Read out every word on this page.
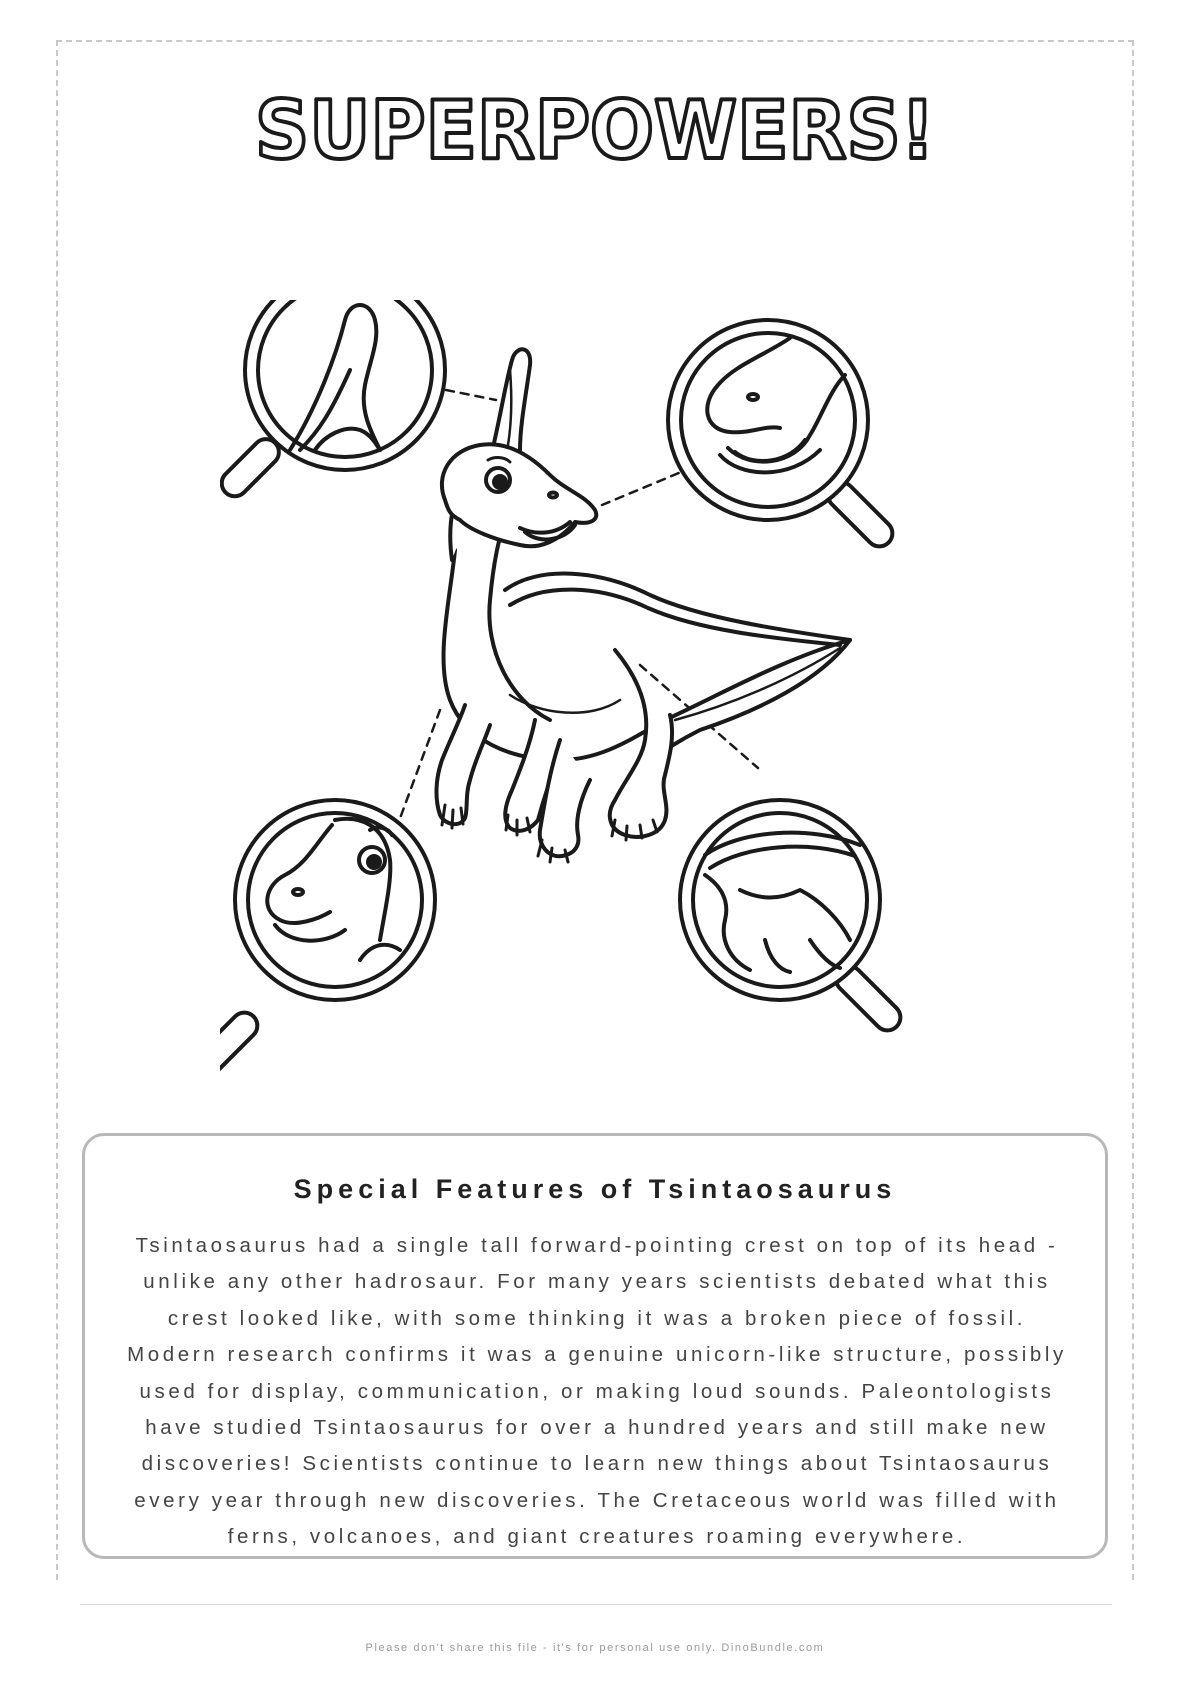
SUPERPOWERS!
Special Features of Tsintaosaurus

Tsintaosaurus had a single tall forward-pointing crest on top of its head - unlike any other hadrosaur. For many years scientists debated what this crest looked like, with some thinking it was a broken piece of fossil. Modern research confirms it was a genuine unicorn-like structure, possibly used for display, communication, or making loud sounds. Paleontologists have studied Tsintaosaurus for over a hundred years and still make new discoveries! Scientists continue to learn new things about Tsintaosaurus every year through new discoveries. The Cretaceous world was filled with ferns, volcanoes, and giant creatures roaming everywhere.

Please don't share this file - it's for personal use only. DinoBundle.com
